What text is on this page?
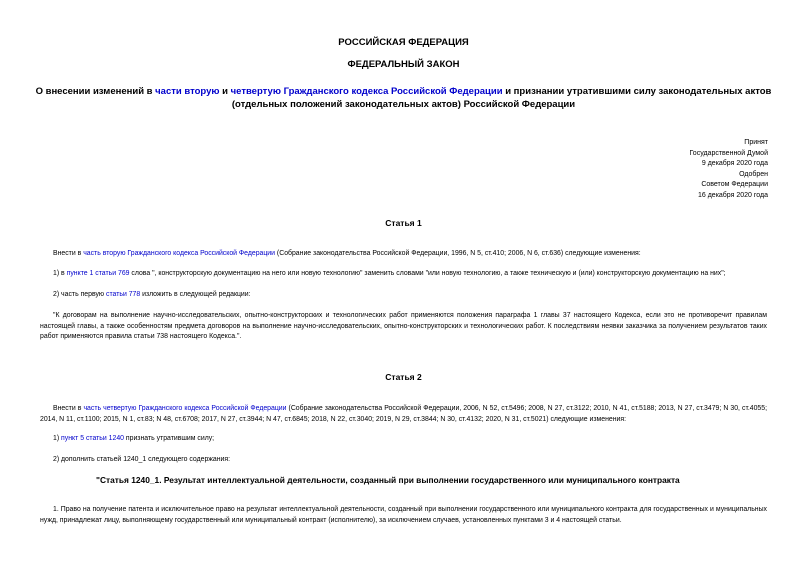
РОССИЙСКАЯ ФЕДЕРАЦИЯ
ФЕДЕРАЛЬНЫЙ ЗАКОН
О внесении изменений в части вторую и четвертую Гражданского кодекса Российской Федерации и признании утратившими силу законодательных актов
(отдельных положений законодательных актов) Российской Федерации
Принят
Государственной Думой
9 декабря 2020 года
Одобрен
Советом Федерации
16 декабря 2020 года
Статья 1
Внести в часть вторую Гражданского кодекса Российской Федерации (Собрание законодательства Российской Федерации, 1996, N 5, ст.410; 2006, N 6, ст.636) следующие изменения:
1) в пункте 1 статьи 769 слова ", конструкторскую документацию на него или новую технологию" заменить словами "или новую технологию, а также техническую и (или) конструкторскую документацию на них";
2) часть первую статьи 778 изложить в следующей редакции:
"К договорам на выполнение научно-исследовательских, опытно-конструкторских и технологических работ применяются положения параграфа 1 главы 37 настоящего Кодекса, если это не противоречит правилам настоящей главы, а также особенностям предмета договоров на выполнение научно-исследовательских, опытно-конструкторских и технологических работ. К последствиям неявки заказчика за получением результатов таких работ применяются правила статьи 738 настоящего Кодекса.".
Статья 2
Внести в часть четвертую Гражданского кодекса Российской Федерации (Собрание законодательства Российской Федерации, 2006, N 52, ст.5496; 2008, N 27, ст.3122; 2010, N 41, ст.5188; 2013, N 27, ст.3479; N 30, ст.4055; 2014, N 11, ст.1100; 2015, N 1, ст.83; N 48, ст.6708; 2017, N 27, ст.3944; N 47, ст.6845; 2018, N 22, ст.3040; 2019, N 29, ст.3844; N 30, ст.4132; 2020, N 31, ст.5021) следующие изменения:
1) пункт 5 статьи 1240 признать утратившим силу;
2) дополнить статьей 1240_1 следующего содержания:
"Статья 1240_1. Результат интеллектуальной деятельности, созданный при выполнении государственного или муниципального контракта
1. Право на получение патента и исключительное право на результат интеллектуальной деятельности, созданный при выполнении государственного или муниципального контракта для государственных и муниципальных нужд, принадлежат лицу, выполняющему государственный или муниципальный контракт (исполнителю), за исключением случаев, установленных пунктами 3 и 4 настоящей статьи.
